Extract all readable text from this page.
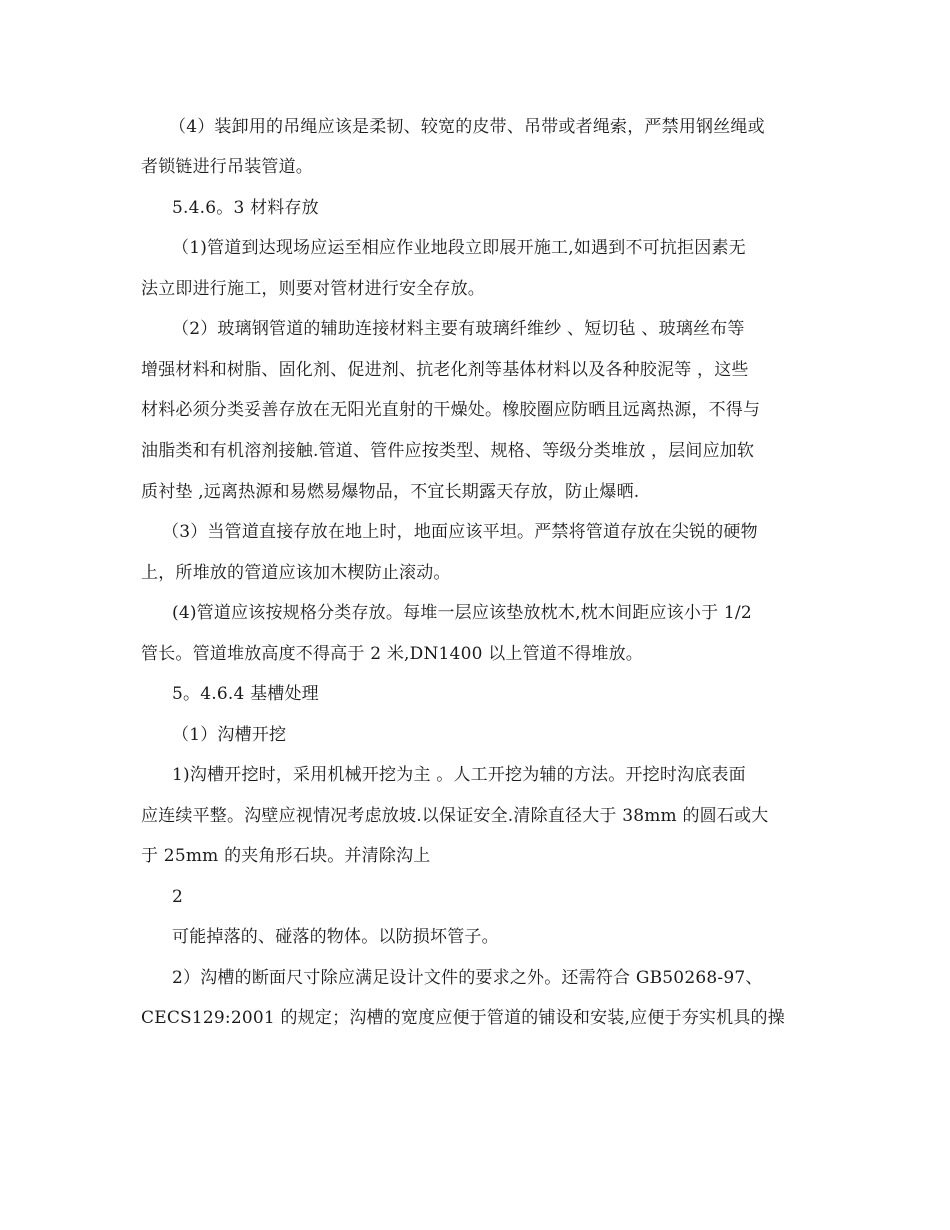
（4）装卸用的吊绳应该是柔韧、较宽的皮带、吊带或者绳索，严禁用钢丝绳或
者锁链进行吊装管道。
5.4.6。3 材料存放
（1)管道到达现场应运至相应作业地段立即展开施工,如遇到不可抗拒因素无
法立即进行施工，则要对管材进行安全存放。
（2）玻璃钢管道的辅助连接材料主要有玻璃纤维纱 、短切毡 、玻璃丝布等
增强材料和树脂、固化剂、促进剂、抗老化剂等基体材料以及各种胶泥等 ，这些
材料必须分类妥善存放在无阳光直射的干燥处。橡胶圈应防晒且远离热源，不得与
油脂类和有机溶剂接触.管道、管件应按类型、规格、等级分类堆放 ，层间应加软
质衬垫 ,远离热源和易燃易爆物品，不宜长期露天存放，防止爆晒.
（3）当管道直接存放在地上时，地面应该平坦。严禁将管道存放在尖锐的硬物
上，所堆放的管道应该加木楔防止滚动。
(4)管道应该按规格分类存放。每堆一层应该垫放枕木,枕木间距应该小于 1/2
管长。管道堆放高度不得高于 2 米,DN1400 以上管道不得堆放。
5。4.6.4 基槽处理
（1）沟槽开挖
1)沟槽开挖时，采用机械开挖为主 。人工开挖为辅的方法。开挖时沟底表面
应连续平整。沟壁应视情况考虑放坡.以保证安全.清除直径大于 38mm 的圆石或大
于 25mm 的夹角形石块。并清除沟上
2
可能掉落的、碰落的物体。以防损坏管子。
2）沟槽的断面尺寸除应满足设计文件的要求之外。还需符合 GB50268-97、
CECS129:2001 的规定；沟槽的宽度应便于管道的铺设和安装,应便于夯实机具的操
